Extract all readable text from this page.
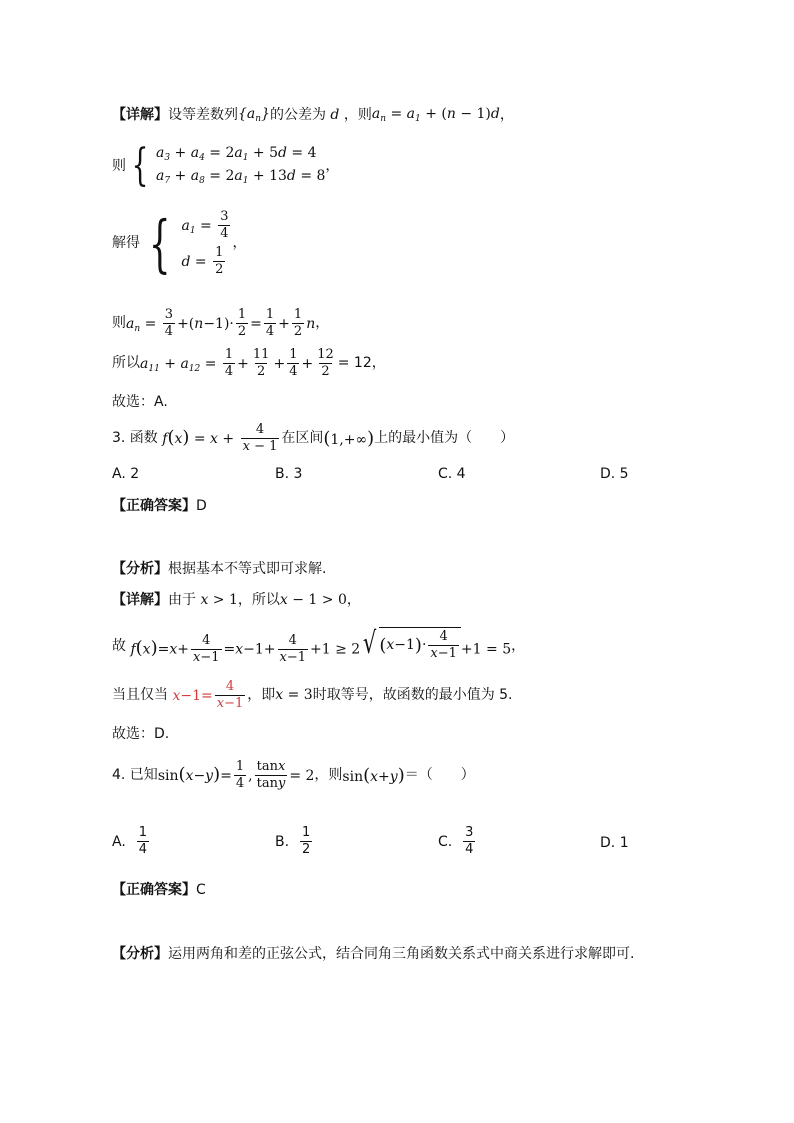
【详解】 设等差数列 $\{a_n\}$ 的公差为 d ，则 $a_n = a_1 + (n - 1)d$ ，
则 { $a_3 + a_4 = 2a_1 + 5d = 4$
$a_7 + a_8 = 2a_1 + 13d = 8$
，
解得 { $a_1 = \frac{3}{4}$
$d = \frac{1}{2}$
，
则 $a_n = \frac{3}{4} +(n-1)\cdot \frac{1}{2} = \frac{1}{4} + \frac{1}{2}$ n ，
所以 $a_{11} + a_{12} = \frac{1}{4} + \frac{11}{2} + \frac{1}{4} + \frac{12}{2} = 12$，
故选：A.
3. 函数 $f(x) = x + \frac{4}{x - 1}$ 在区间 (1,+∞) 上的最小值为（　　）
A. 2	B. 3	C. 4	D. 5
【正确答案】 D
【分析】 根据基本不等式即可求解.
【详解】 由于 x > 1 ，所以 x − 1 > 0 ，
故 $f(x)=x+ \frac{4}{x-1} =x-1+ \frac{4}{x-1} +1 \ge 2$ √ ( x −1 ) · $\frac{4}{x-1} +1 = 5$ ，
当且仅当 $x-1= \frac{4}{x-1}$ ，即 x = 3 时取等号，故函数的最小值为 5.
故选：D.
4. 已知 $\sin(x-y)= \frac{1}{4}$ , $\frac{\tan x}{\tan y} = 2$ ，则 sin(x+y) ＝（　　）
A.
$\frac{1}{4}$	B.
$\frac{1}{2}$	C.
$\frac{3}{4}$	D.
1
【正确答案】 C
【分析】 运用两角和差的正弦公式，结合同角三角函数关系式中商关系进行求解即可.
